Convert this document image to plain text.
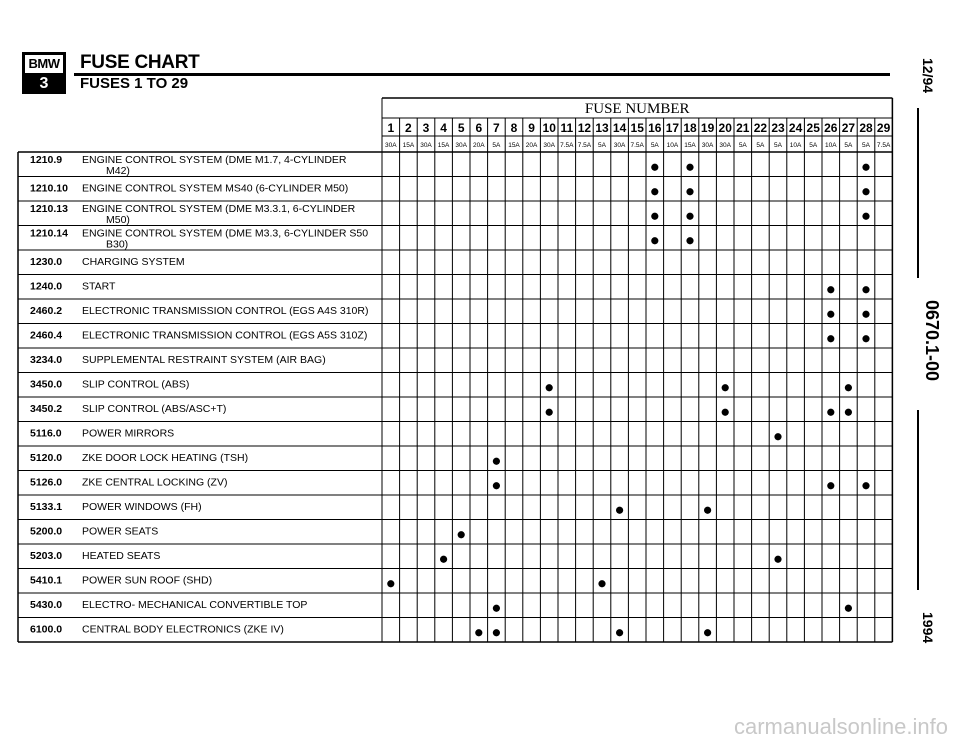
BMW
3
FUSE CHART
FUSES 1 TO 29	12/94
0670.1-00
1994
FUSE NUMBER
1
30A
2
15A
3
30A
4
15A
5
30A
6
20A
7
5A
8
15A
9
20A
10
30A
11
7.5A
12
7.5A
13
5A
14
30A
15
7.5A
16
5A
17
10A
18
15A
19
30A
20
30A
21
5A
22
5A
23
5A
24
10A
25
5A
26
10A
27
5A
28
5A
29
7.5A
1210.9 ENGINE CONTROL SYSTEM (DME M1.7, 4-CYLINDER
M42)
1210.10 ENGINE CONTROL SYSTEM MS40 (6-CYLINDER M50)
1210.13 ENGINE CONTROL SYSTEM (DME M3.3.1, 6-CYLINDER
M50)
1210.14 ENGINE CONTROL SYSTEM (DME M3.3, 6-CYLINDER S50
B30)
1230.0 CHARGING SYSTEM
1240.0 START
2460.2 ELECTRONIC TRANSMISSION CONTROL (EGS A4S 310R)
2460.4 ELECTRONIC TRANSMISSION CONTROL (EGS A5S 310Z)
3234.0 SUPPLEMENTAL RESTRAINT SYSTEM (AIR BAG)
3450.0 SLIP CONTROL (ABS)
3450.2 SLIP CONTROL (ABS/ASC+T)
5116.0 POWER MIRRORS
5120.0 ZKE DOOR LOCK HEATING (TSH)
5126.0 ZKE CENTRAL LOCKING (ZV)
5133.1 POWER WINDOWS (FH)
5200.0 POWER SEATS
5203.0 HEATED SEATS
5410.1 POWER SUN ROOF (SHD)
5430.0 ELECTRO- MECHANICAL CONVERTIBLE TOP
6100.0 CENTRAL BODY ELECTRONICS (ZKE IV)
carmanualsonline.info
